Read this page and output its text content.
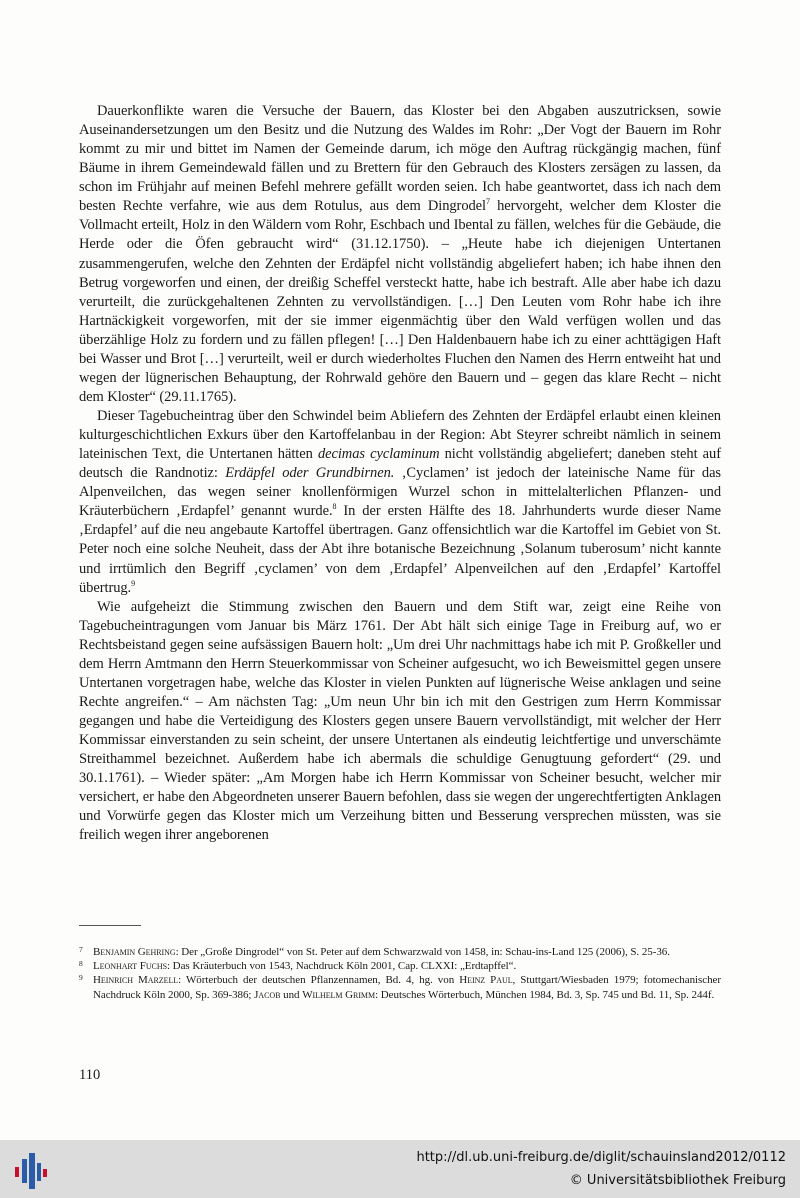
Dauerkonflikte waren die Versuche der Bauern, das Kloster bei den Abgaben auszutricksen, sowie Auseinandersetzungen um den Besitz und die Nutzung des Waldes im Rohr: „Der Vogt der Bauern im Rohr kommt zu mir und bittet im Namen der Gemeinde darum, ich möge den Auftrag rückgängig machen, fünf Bäume in ihrem Gemeindewald fällen und zu Brettern für den Gebrauch des Klosters zersägen zu lassen, da schon im Frühjahr auf meinen Befehl mehrere gefällt worden seien. Ich habe geantwortet, dass ich nach dem besten Rechte verfahre, wie aus dem Rotulus, aus dem Dingrodel$^7$ hervorgeht, welcher dem Kloster die Vollmacht erteilt, Holz in den Wäldern vom Rohr, Eschbach und Ibental zu fällen, welches für die Gebäude, die Herde oder die Öfen gebraucht wird“ (31.12.1750). – „Heute habe ich diejenigen Untertanen zusammengerufen, welche den Zehnten der Erdäpfel nicht vollständig abgeliefert haben; ich habe ihnen den Betrug vorgeworfen und einen, der dreißig Scheffel versteckt hatte, habe ich bestraft. Alle aber habe ich dazu verurteilt, die zurückgehaltenen Zehnten zu vervollständigen. […] Den Leuten vom Rohr habe ich ihre Hartnäckigkeit vorgeworfen, mit der sie immer eigenmächtig über den Wald verfügen wollen und das überzählige Holz zu fordern und zu fällen pflegen! […] Den Haldenbauern habe ich zu einer achttägigen Haft bei Wasser und Brot […] verurteilt, weil er durch wiederholtes Fluchen den Namen des Herrn entweiht hat und wegen der lügnerischen Behauptung, der Rohrwald gehöre den Bauern und – gegen das klare Recht – nicht dem Kloster“ (29.11.1765).

Dieser Tagebucheintrag über den Schwindel beim Abliefern des Zehnten der Erdäpfel erlaubt einen kleinen kulturgeschichtlichen Exkurs über den Kartoffelanbau in der Region: Abt Steyrer schreibt nämlich in seinem lateinischen Text, die Untertanen hätten decimas cyclaminum nicht vollständig abgeliefert; daneben steht auf deutsch die Randnotiz: Erdäpfel oder Grundbirnen. ‚Cyclamen’ ist jedoch der lateinische Name für das Alpenveilchen, das wegen seiner knollenförmigen Wurzel schon in mittelalterlichen Pflanzen- und Kräuterbüchern ‚Erdapfel’ genannt wurde.$^8$ In der ersten Hälfte des 18. Jahrhunderts wurde dieser Name ‚Erdapfel’ auf die neu angebaute Kartoffel übertragen. Ganz offensichtlich war die Kartoffel im Gebiet von St. Peter noch eine solche Neuheit, dass der Abt ihre botanische Bezeichnung ‚Solanum tuberosum’ nicht kannte und irrtümlich den Begriff ‚cyclamen’ von dem ‚Erdapfel’ Alpenveilchen auf den ‚Erdapfel’ Kartoffel übertrug.$^9$

Wie aufgeheizt die Stimmung zwischen den Bauern und dem Stift war, zeigt eine Reihe von Tagebucheintragungen vom Januar bis März 1761. Der Abt hält sich einige Tage in Freiburg auf, wo er Rechtsbeistand gegen seine aufsässigen Bauern holt: „Um drei Uhr nachmittags habe ich mit P. Großkeller und dem Herrn Amtmann den Herrn Steuerkommissar von Scheiner aufgesucht, wo ich Beweismittel gegen unsere Untertanen vorgetragen habe, welche das Kloster in vielen Punkten auf lügnerische Weise anklagen und seine Rechte angreifen.“ – Am nächsten Tag: „Um neun Uhr bin ich mit den Gestrigen zum Herrn Kommissar gegangen und habe die Verteidigung des Klosters gegen unsere Bauern vervollständigt, mit welcher der Herr Kommissar einverstanden zu sein scheint, der unsere Untertanen als eindeutig leichtfertige und unverschämte Streithammel bezeichnet. Außerdem habe ich abermals die schuldige Genugtuung gefordert“ (29. und 30.1.1761). – Wieder später: „Am Morgen habe ich Herrn Kommissar von Scheiner besucht, welcher mir versichert, er habe den Abgeordneten unserer Bauern befohlen, dass sie wegen der ungerechtfertigten Anklagen und Vorwürfe gegen das Kloster mich um Verzeihung bitten und Besserung versprechen müssten, was sie freilich wegen ihrer angeborenen

7 Benjamin Gehring: Der „Große Dingrodel“ von St. Peter auf dem Schwarzwald von 1458, in: Schau-ins-Land 125 (2006), S. 25-36.

8 Leonhart Fuchs: Das Kräuterbuch von 1543, Nachdruck Köln 2001, Cap. CLXXI: „Erdtapffel“.

9 Heinrich Marzell: Wörterbuch der deutschen Pflanzennamen, Bd. 4, hg. von Heinz Paul, Stuttgart/Wiesbaden 1979; fotomechanischer Nachdruck Köln 2000, Sp. 369-386; Jacob und Wilhelm Grimm: Deutsches Wörterbuch, München 1984, Bd. 3, Sp. 745 und Bd. 11, Sp. 244f.

110
http://dl.ub.uni-freiburg.de/diglit/schauinsland2012/0112
© Universitätsbibliothek Freiburg
